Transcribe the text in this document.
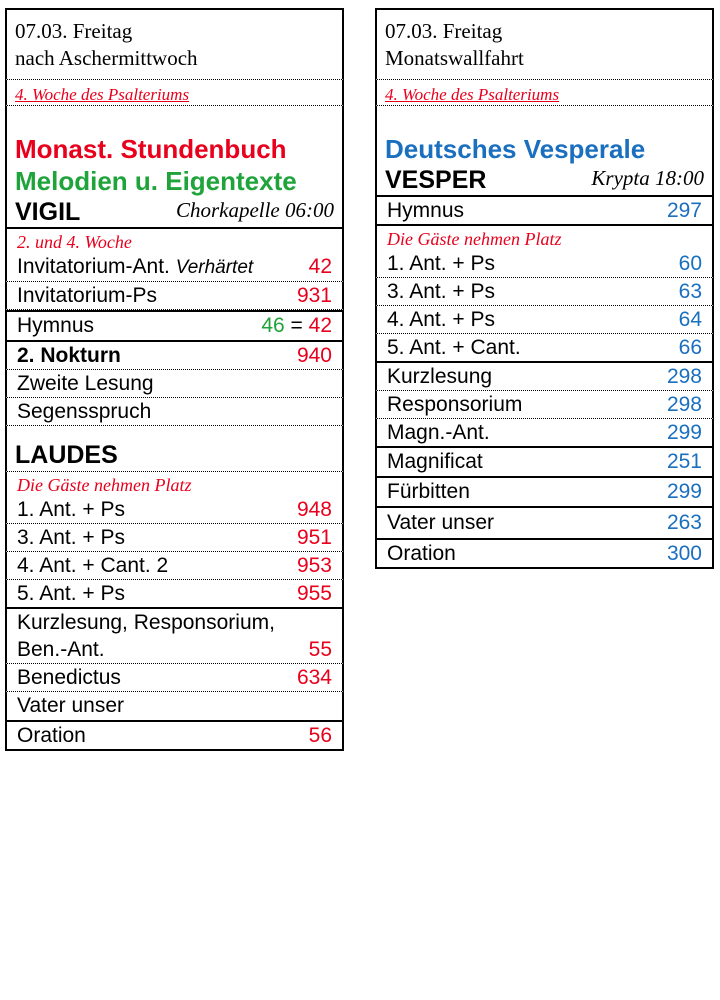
07.03. Freitag
nach Aschermittwoch
4. Woche des Psalteriums
Monast. Stundenbuch
Melodien u. Eigentexte
VIGIL	Chorkapelle 06:00
2. und 4. Woche
Invitatorium-Ant. Verhärtet	42
Invitatorium-Ps	931
Hymnus	46 = 42
2. Nokturn	940
Zweite Lesung
Segensspruch
LAUDES
Die Gäste nehmen Platz
1. Ant. + Ps	948
3. Ant. + Ps	951
4. Ant. + Cant. 2	953
5. Ant. + Ps	955
Kurzlesung, Responsorium,
Ben.-Ant.	55
Benedictus	634
Vater unser
Oration	56
07.03. Freitag
Monatswallfahrt
4. Woche des Psalteriums
Deutsches Vesperale
VESPER	Krypta 18:00
Hymnus	297
Die Gäste nehmen Platz
1. Ant. + Ps	60
3. Ant. + Ps	63
4. Ant. + Ps	64
5. Ant. + Cant.	66
Kurzlesung	298
Responsorium	298
Magn.-Ant.	299
Magnificat	251
Fürbitten	299
Vater unser	263
Oration	300
